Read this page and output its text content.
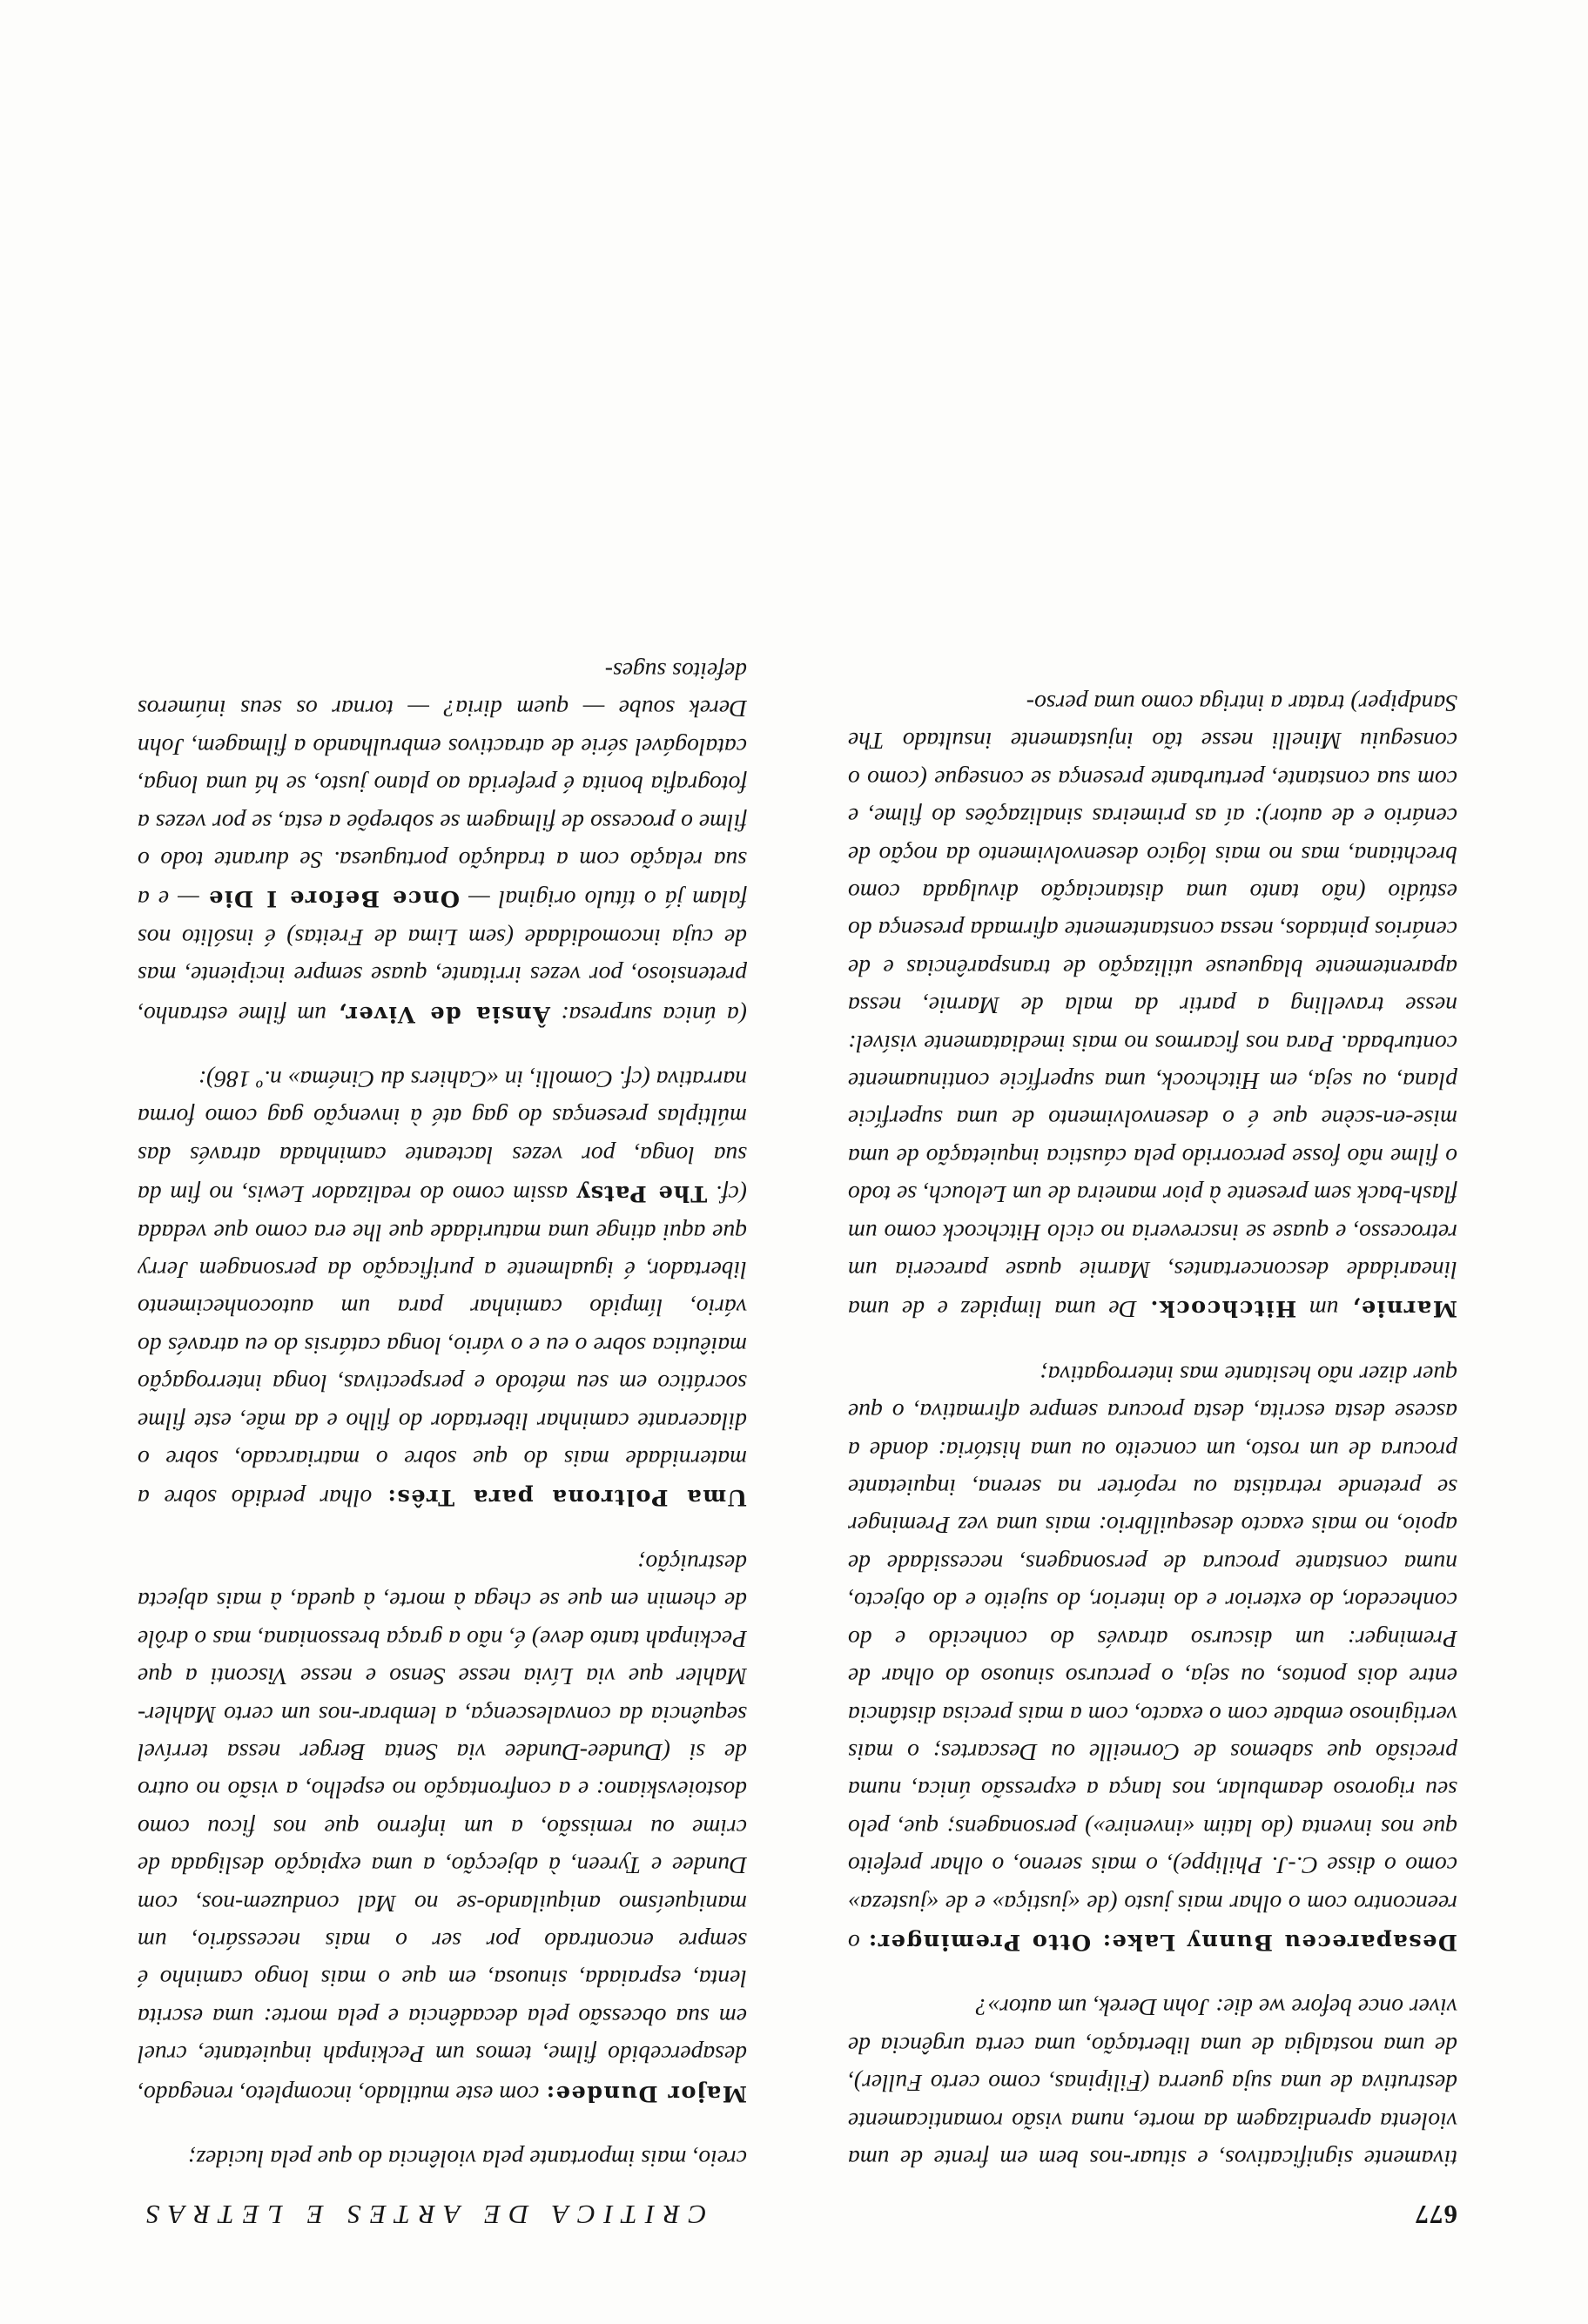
677
CRITICA DE ARTES E LETRAS

tivamente significativos, e situar-nos bem em frente de uma violenta aprendizagem da morte, numa visão romanticamente destrutiva de uma suja guerra (Filipinas, como certo Fuller), de uma nostalgia de uma libertação, uma certa urgência de viver once before we die: John Derek, um autor»?

Desapareceu Bunny Lake: Otto Preminger: o reencontro com o olhar mais justo (de «justiça» e de «justeza» como o disse C.-J. Philippe), o mais sereno, o olhar prefeito que nos inventa (do latim «invenire») personagens; que, pelo seu rigoroso deambular, nos lança a expressão única, numa precisão que sabemos de Corneille ou Descartes; o mais vertiginoso embate com o exacto, com a mais precisa distância entre dois pontos, ou seja, o percurso sinuoso do olhar de Preminger: um discurso através do conhecido e do conhecedor, do exterior e do interior, do sujeito e do objecto, numa constante procura de personagens, necessidade de apoio, no mais exacto desequilíbrio: mais uma vez Preminger se pretende retratista ou repórter na serena, inquietante procura de um rosto, um conceito ou uma história: donde a ascese desta escrita, desta procura sempre afirmativa, o que quer dizer não hesitante mas interrogativa;

Marnie, um Hitchcock. De uma limpidez e de uma linearidade desconcertantes, Marnie quase pareceria um retrocesso, e quase se inscreveria no ciclo Hitchcock como um flash-back sem presente à pior maneira de um Lelouch, se todo o filme não fosse percorrido pela cáustica inquietação de uma mise-en-scène que é o desenvolvimento de uma superfície plana, ou seja, em Hitchcock, uma superfície continuamente conturbada. Para nos ficarmos no mais imediatamente visível: nesse travelling a partir da mala de Marnie, nessa aparentemente blagueuse utilização de transparências e de cenários pintados, nessa constantemente afirmada presença do estúdio (não tanto uma distanciação divulgada como brechtiana, mas no mais lógico desenvolvimento da noção de cenário e de autor): aí as primeiras sinalizações do filme, e com sua constante, perturbante presença se consegue (como o conseguiu Minelli nesse tão injustamente insultado The Sandpiper) tratar a intriga como uma perso-

creio, mais importante pela violência do que pela lucidez;

Major Dundee: com este mutilado, incompleto, renegado, desapercebido filme, temos um Peckinpah inquietante, cruel em sua obcessão pela decadência e pela morte: uma escrita lenta, espraiada, sinuosa, em que o mais longo caminho é sempre encontrado por ser o mais necessário, um maniqueísmo aniquilando-se no Mal conduzem-nos, com Dundee e Tyreen, à abjecção, a uma expiação desligada de crime ou remissão, a um inferno que nos ficou como dostoievskiano: e a confrontação no espelho, a visão no outro de si (Dundee-Dundee via Senta Berger nessa terrível sequência da convalescença, a lembrar-nos um certo Mahler-Mahler que via Lívia nesse Senso e nesse Visconti a que Peckinpah tanto deve) é, não a graça bressoniana, mas o drôle de chemin em que se chega à morte, à queda, à mais abjecta destruição;

Uma Poltrona para Três: olhar perdido sobre a maternidade mais do que sobre o matriarcado, sobre o dilacerante caminhar libertador do filho e da mãe, este filme socrático em seu método e perspectivas, longa interrogação maiêutica sobre o eu e o vário, longa catársis do eu através do vário, límpido caminhar para um autoconhecimento libertador, é igualmente a purificação da personagem Jerry que aqui atinge uma maturidade que lhe era como que vedada (cf. The Patsy assim como do realizador Lewis, no fim da sua longa, por vezes lacteante caminhada através das múltiplas presenças do gag até à invenção gag como forma narrativa (cf. Comolli, in «Cahiers du Cinéma» n.º 186):

(a única surpresa: Ânsia de Viver, um filme estranho, pretensioso, por vezes irritante, quase sempre incipiente, mas de cuja incomodidade (sem Lima de Freitas) é insólito nos falam já o título original — Once Before I Die — e a sua relação com a tradução portuguesa. Se durante todo o filme o processo de filmagem se sobrepõe a esta, se por vezes a fotografia bonita é preferida ao plano justo, se há uma longa, catalogável série de atractivos embrulhando a filmagem, John Derek soube — quem diria? — tornar os seus inúmeros defeitos suges-
